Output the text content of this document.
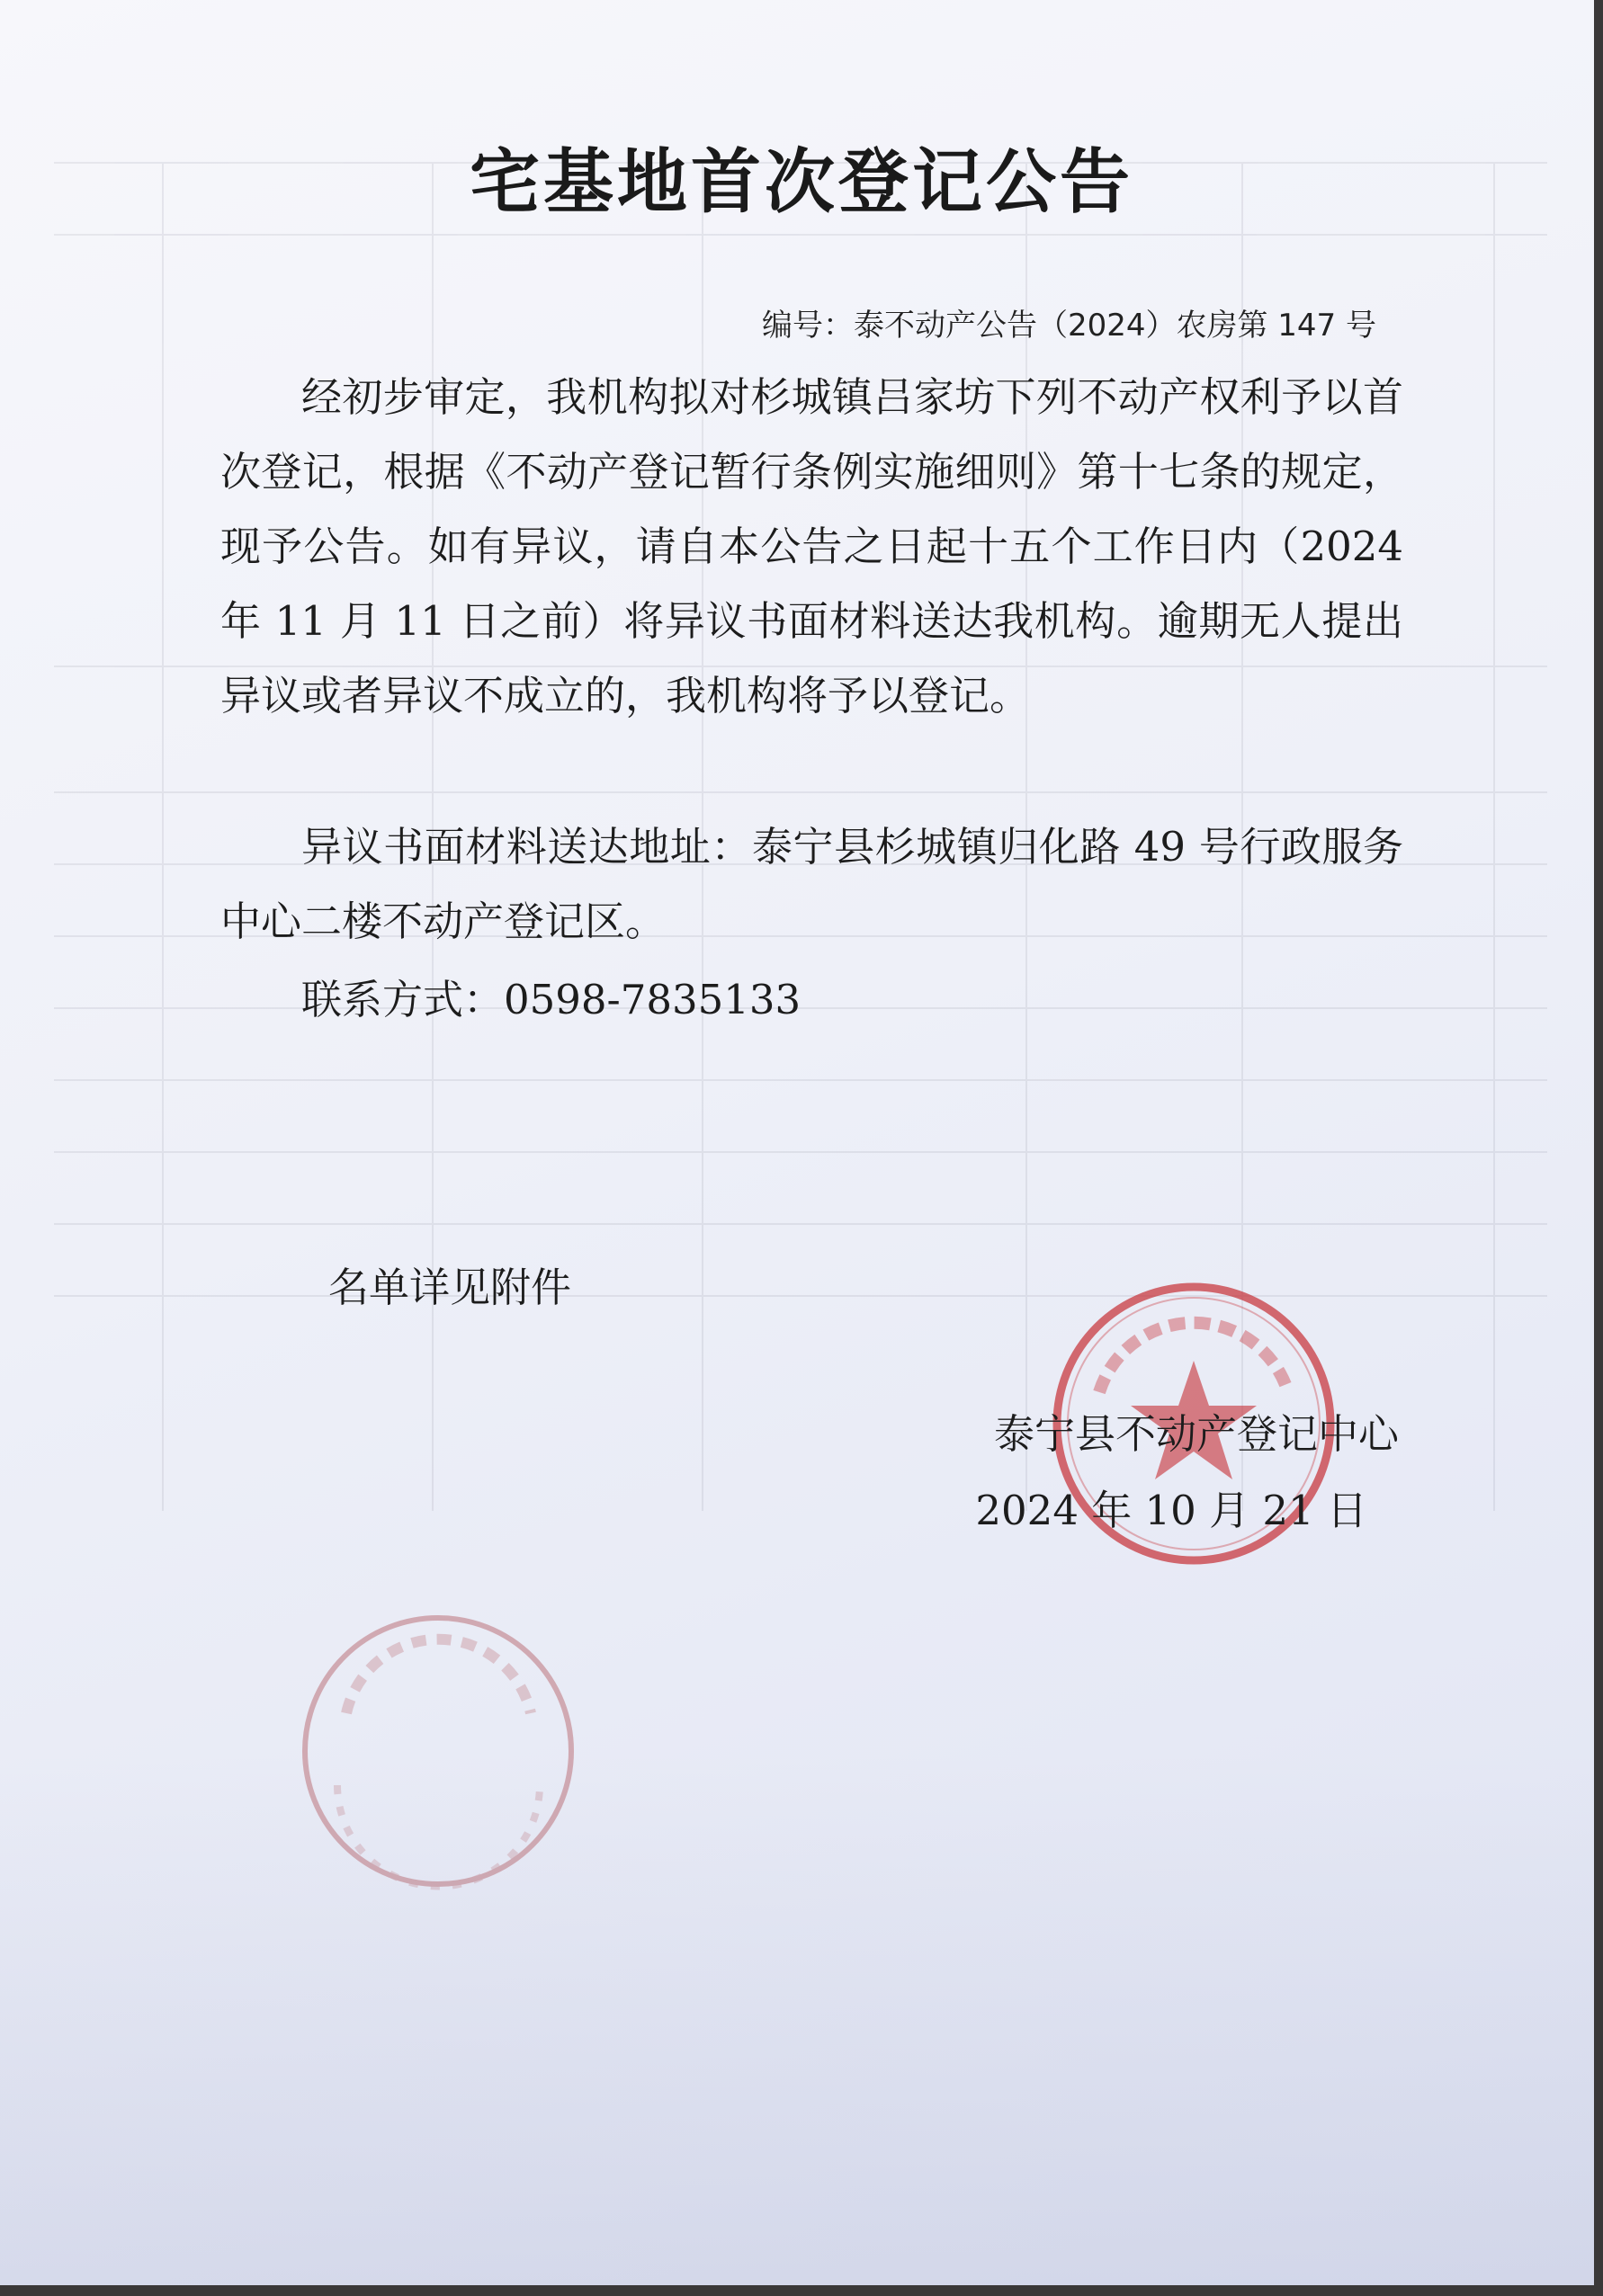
宅基地首次登记公告
编号：泰不动产公告（2024）农房第 147 号

经初步审定，我机构拟对杉城镇吕家坊下列不动产权利予以首次登记，根据《不动产登记暂行条例实施细则》第十七条的规定，现予公告。如有异议，请自本公告之日起十五个工作日内（2024 年 11 月 11 日之前）将异议书面材料送达我机构。逾期无人提出异议或者异议不成立的，我机构将予以登记。

异议书面材料送达地址：泰宁县杉城镇归化路 49 号行政服务中心二楼不动产登记区。

联系方式：0598-7835133

名单详见附件
泰宁县不动产登记中心
2024 年 10 月 21 日
